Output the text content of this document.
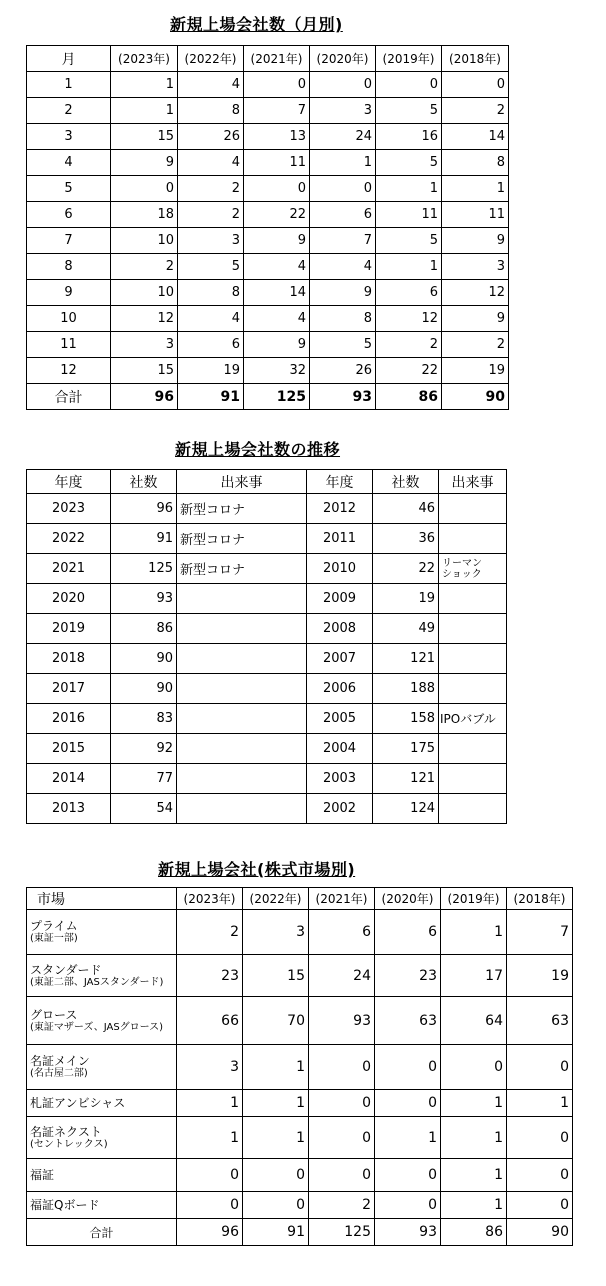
新規上場会社数（月別)
月	(2023年)	(2022年)	(2021年)	(2020年)	(2019年)	(2018年)
1	1	4	0	0	0	0
2	1	8	7	3	5	2
3	15	26	13	24	16	14
4	9	4	11	1	5	8
5	0	2	0	0	1	1
6	18	2	22	6	11	11
7	10	3	9	7	5	9
8	2	5	4	4	1	3
9	10	8	14	9	6	12
10	12	4	4	8	12	9
11	3	6	9	5	2	2
12	15	19	32	26	22	19
合計	96	91	125	93	86	90
新規上場会社数の推移
年度	社数	出来事	年度	社数	出来事
2023	96	新型コロナ	2012	46	
2022	91	新型コロナ	2011	36	
2021	125	新型コロナ	2010	22	リーマン
ショック
2020	93		2009	19	
2019	86		2008	49	
2018	90		2007	121	
2017	90		2006	188	
2016	83		2005	158	IPOバブル
2015	92		2004	175	
2014	77		2003	121	
2013	54		2002	124	
新規上場会社(株式市場別)
市場	(2023年)	(2022年)	(2021年)	(2020年)	(2019年)	(2018年)

プライム
(東証一部)	2	3	6	6	1	7

スタンダード
(東証二部、JASスタンダード)	23	15	24	23	17	19

グロース
(東証マザーズ、JASグロース)	66	70	93	63	64	63

名証メイン
(名古屋二部)	3	1	0	0	0	0

札証アンビシャス	1	1	0	0	1	1

名証ネクスト
(セントレックス)	1	1	0	1	1	0

福証	0	0	0	0	1	0

福証Qボード	0	0	2	0	1	0
合計	96	91	125	93	86	90
